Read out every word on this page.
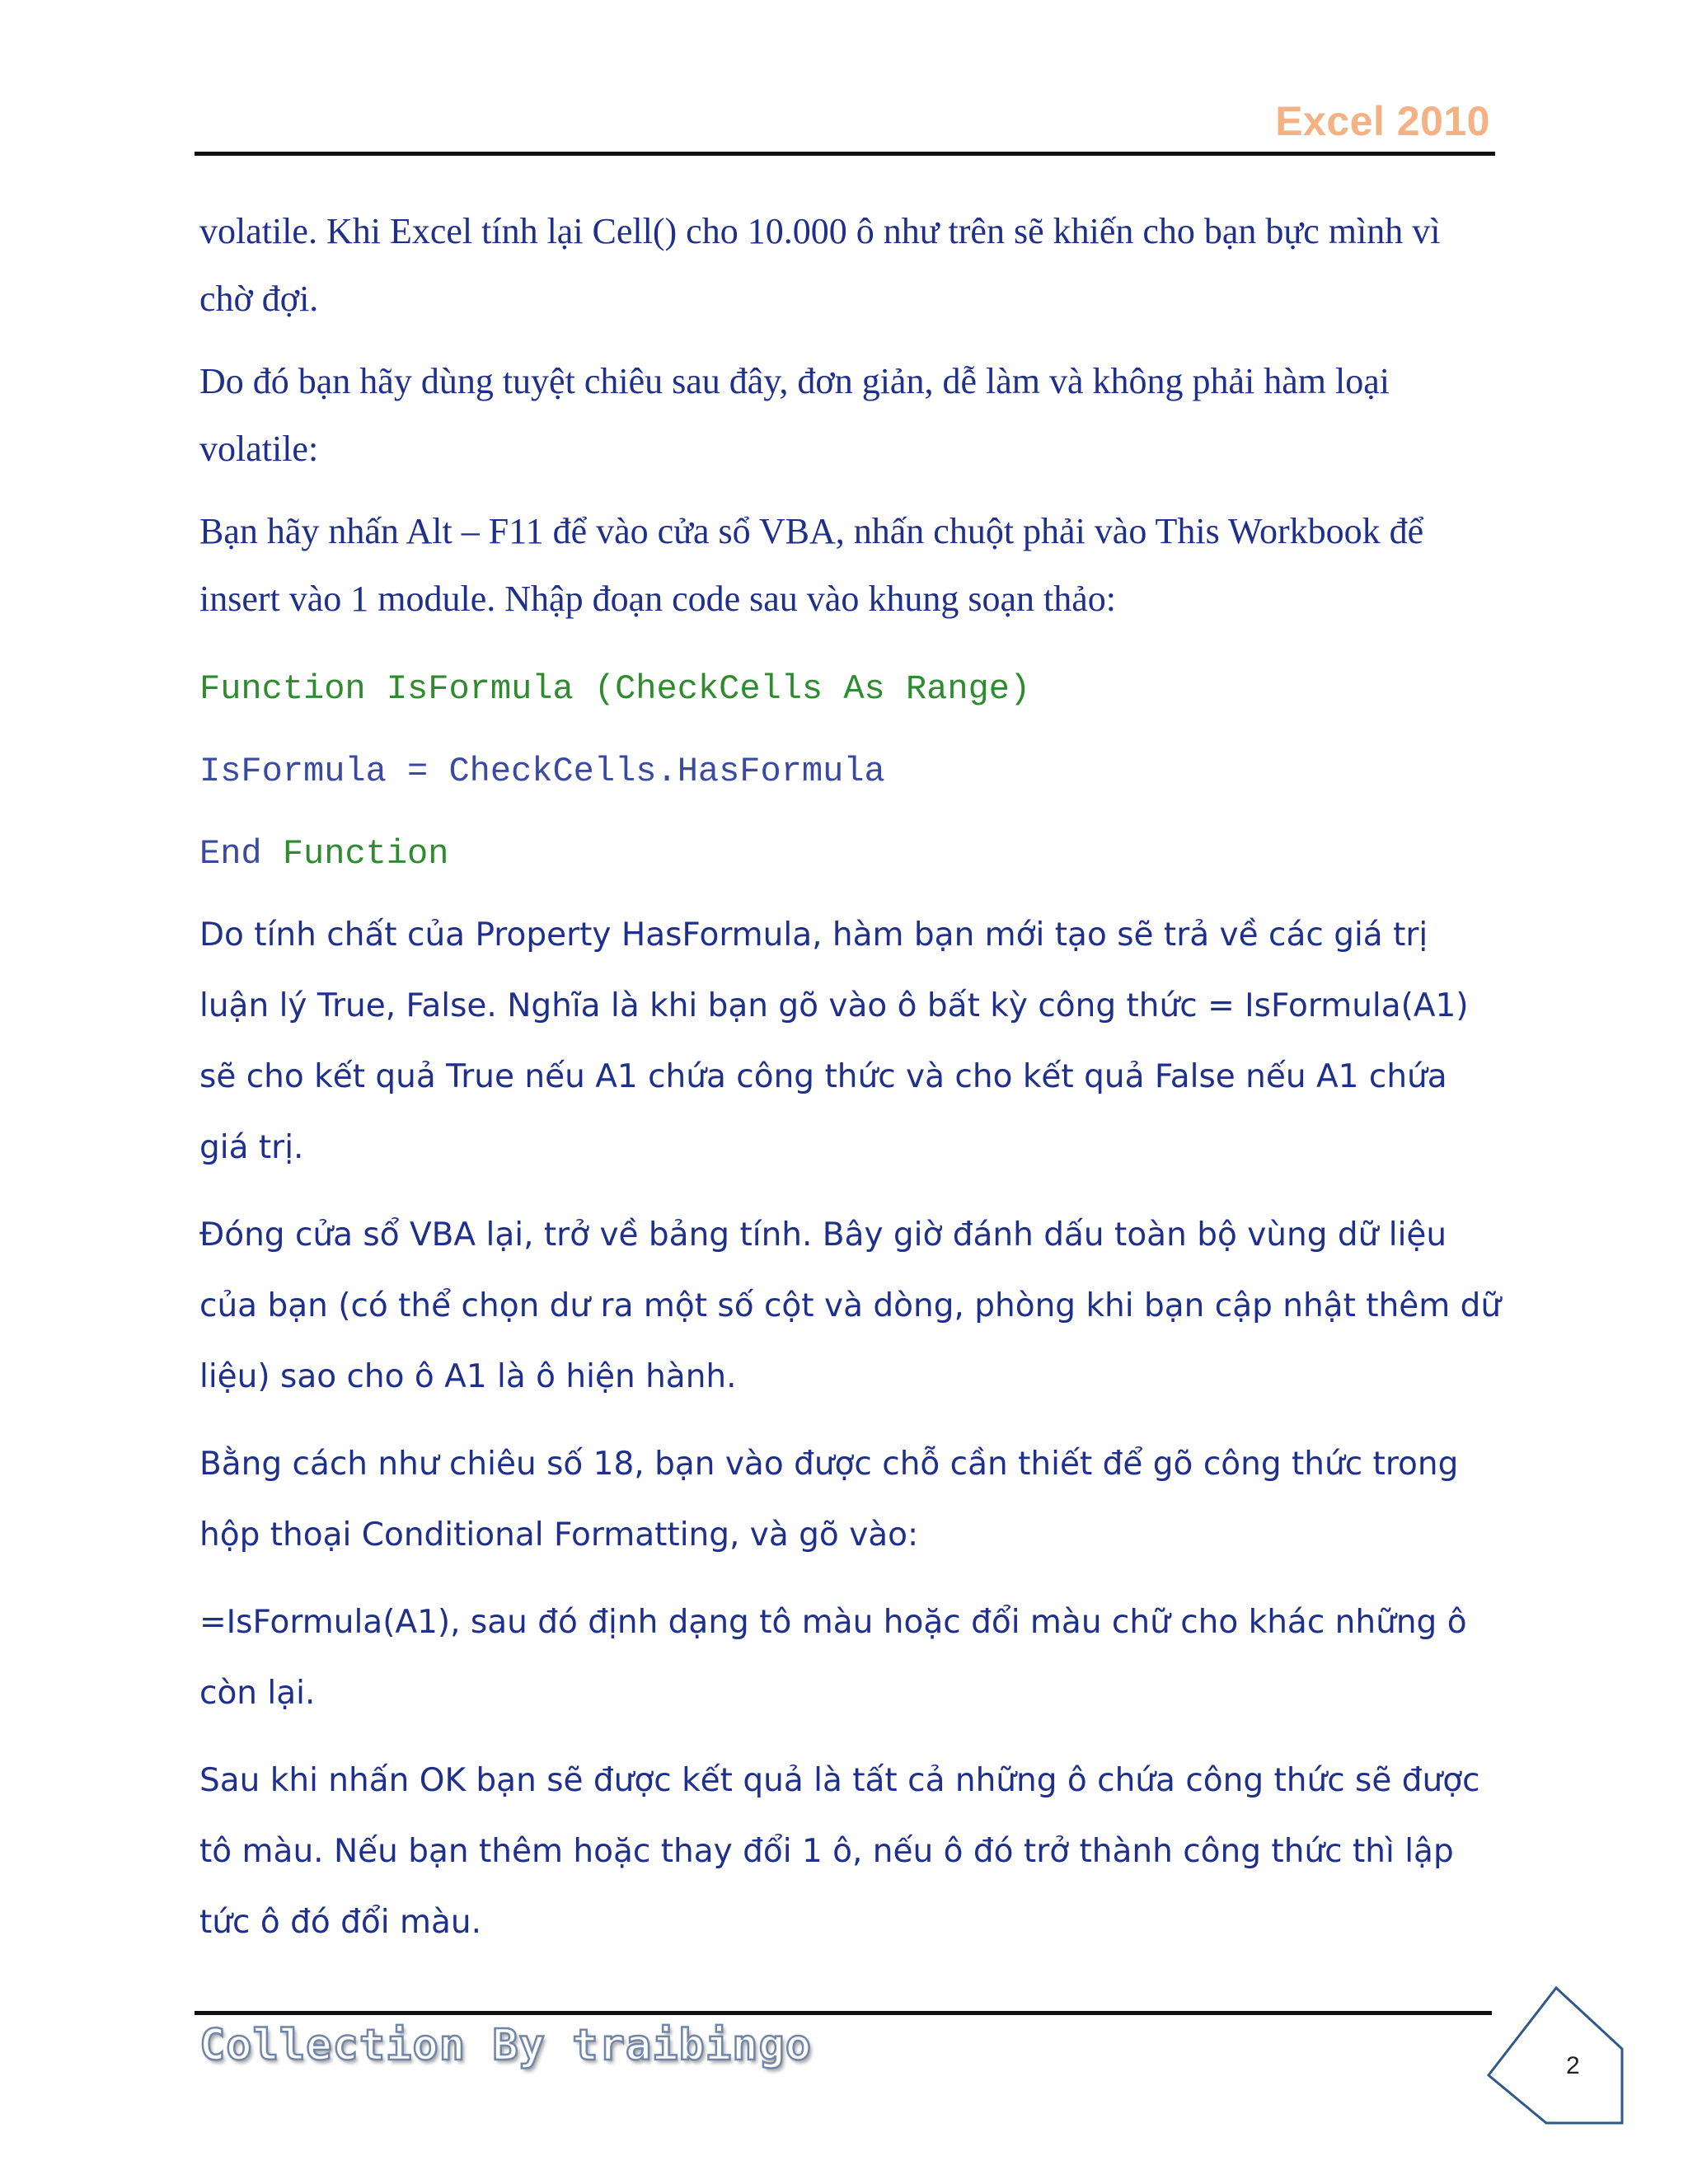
Excel 2010

volatile. Khi Excel tính lại Cell() cho 10.000 ô như trên sẽ khiến cho bạn bực mình vì chờ đợi.

Do đó bạn hãy dùng tuyệt chiêu sau đây, đơn giản, dễ làm và không phải hàm loại volatile:

Bạn hãy nhấn Alt – F11 để vào cửa sổ VBA, nhấn chuột phải vào This Workbook để insert vào 1 module. Nhập đoạn code sau vào khung soạn thảo:

Function IsFormula (CheckCells As Range)
IsFormula = CheckCells.HasFormula
End Function

Do tính chất của Property HasFormula, hàm bạn mới tạo sẽ trả về các giá trị luận lý True, False. Nghĩa là khi bạn gõ vào ô bất kỳ công thức = IsFormula(A1) sẽ cho kết quả True nếu A1 chứa công thức và cho kết quả False nếu A1 chứa giá trị.

Đóng cửa sổ VBA lại, trở về bảng tính. Bây giờ đánh dấu toàn bộ vùng dữ liệu của bạn (có thể chọn dư ra một số cột và dòng, phòng khi bạn cập nhật thêm dữ liệu) sao cho ô A1 là ô hiện hành.

Bằng cách như chiêu số 18, bạn vào được chỗ cần thiết để gõ công thức trong hộp thoại Conditional Formatting, và gõ vào:

=IsFormula(A1), sau đó định dạng tô màu hoặc đổi màu chữ cho khác những ô còn lại.

Sau khi nhấn OK bạn sẽ được kết quả là tất cả những ô chứa công thức sẽ được tô màu. Nếu bạn thêm hoặc thay đổi 1 ô, nếu ô đó trở thành công thức thì lập tức ô đó đổi màu.

Collection By traibingo	2
